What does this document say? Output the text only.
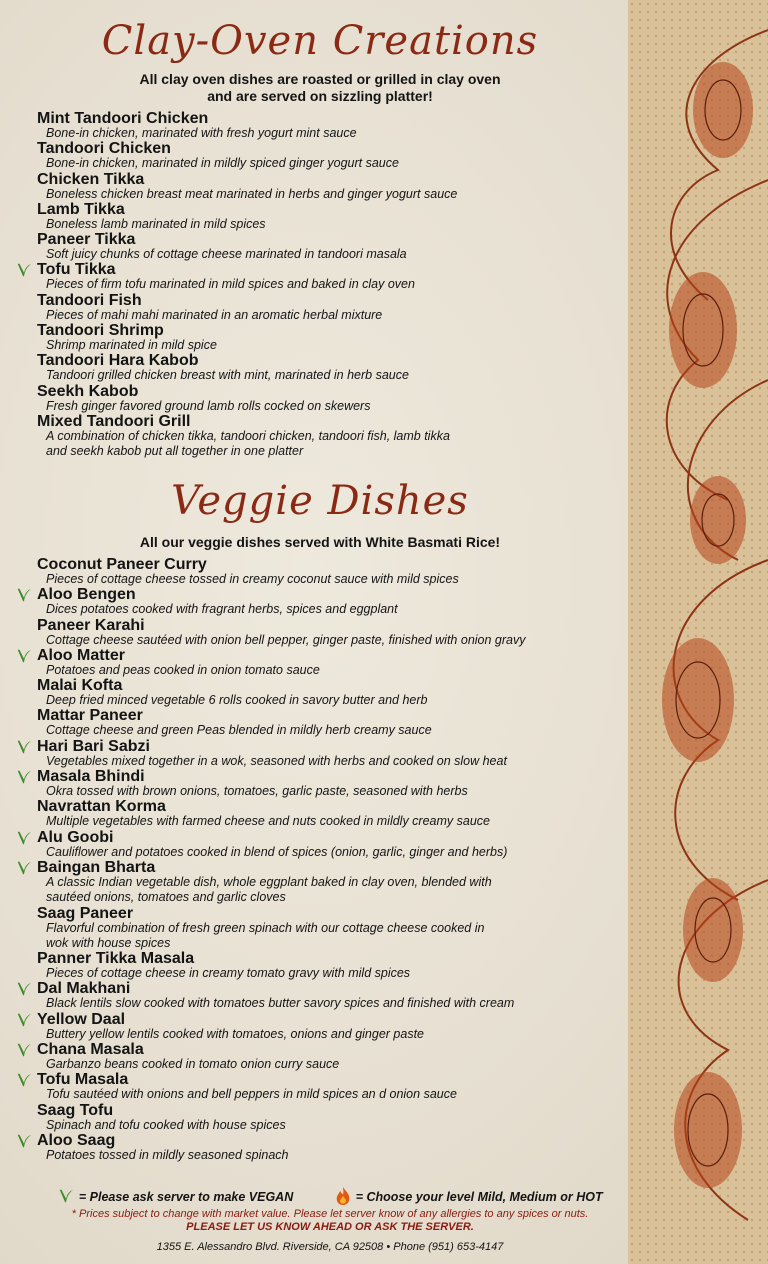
Clay-Oven Creations
All clay oven dishes are roasted or grilled in clay oven
and are served on sizzling platter!
Mint Tandoori Chicken
Bone-in chicken, marinated with fresh yogurt mint sauce
Tandoori Chicken
Bone-in chicken, marinated in mildly spiced ginger yogurt sauce
Chicken Tikka
Boneless chicken breast meat marinated in herbs and ginger yogurt sauce
Lamb Tikka
Boneless lamb marinated in mild spices
Paneer Tikka
Soft juicy chunks of cottage cheese marinated in tandoori masala
Tofu Tikka
Pieces of firm tofu marinated in mild spices and baked in clay oven
Tandoori Fish
Pieces of mahi mahi marinated in an aromatic herbal mixture
Tandoori Shrimp
Shrimp marinated in mild spice
Tandoori Hara Kabob
Tandoori grilled chicken breast with mint, marinated in herb sauce
Seekh Kabob
Fresh ginger favored ground lamb rolls cocked on skewers
Mixed Tandoori Grill
A combination of chicken tikka, tandoori chicken, tandoori fish, lamb tikka
and seekh kabob put all together in one platter
Veggie Dishes
All our veggie dishes served with White Basmati Rice!
Coconut Paneer Curry
Pieces of cottage cheese tossed in creamy coconut sauce with mild spices
Aloo Bengen
Dices potatoes cooked with fragrant herbs, spices and eggplant
Paneer Karahi
Cottage cheese sautéed with onion bell pepper, ginger paste, finished with onion gravy
Aloo Matter
Potatoes and peas cooked in onion tomato sauce
Malai Kofta
Deep fried minced vegetable 6 rolls cooked in savory butter and herb
Mattar Paneer
Cottage cheese and green Peas blended in mildly herb creamy sauce
Hari Bari Sabzi
Vegetables mixed together in a wok, seasoned with herbs and cooked on slow heat
Masala Bhindi
Okra tossed with brown onions, tomatoes, garlic paste, seasoned with herbs
Navrattan Korma
Multiple vegetables with farmed cheese and nuts cooked in mildly creamy sauce
Alu Goobi
Cauliflower and potatoes cooked in blend of spices (onion, garlic, ginger and herbs)
Baingan Bharta
A classic Indian vegetable dish, whole eggplant baked in clay oven, blended with
sautéed onions, tomatoes and garlic cloves
Saag Paneer
Flavorful combination of fresh green spinach with our cottage cheese cooked in
wok with house spices
Panner Tikka Masala
Pieces of cottage cheese in creamy tomato gravy with mild spices
Dal Makhani
Black lentils slow cooked with tomatoes butter savory spices and finished with cream
Yellow Daal
Buttery yellow lentils cooked with tomatoes, onions and ginger paste
Chana Masala
Garbanzo beans cooked in tomato onion curry sauce
Tofu Masala
Tofu sautéed with onions and bell peppers in mild spices an d onion sauce
Saag Tofu
Spinach and tofu cooked with house spices
Aloo Saag
Potatoes tossed in mildly seasoned spinach
= Please ask server to make VEGAN	= Choose your level Mild, Medium or HOT
* Prices subject to change with market value. Please let server know of any allergies to any spices or nuts.
PLEASE LET US KNOW AHEAD OR ASK THE SERVER.
1355 E. Alessandro Blvd. Riverside, CA 92508 • Phone (951) 653-4147
